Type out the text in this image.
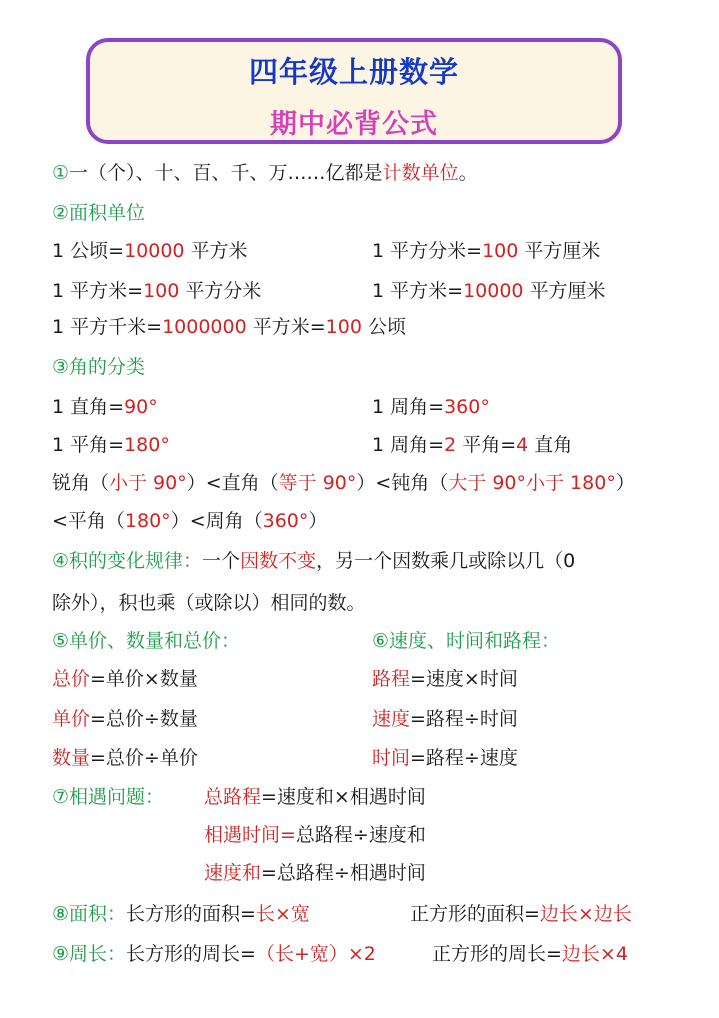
四年级上册数学
期中必背公式
①一（个）、十、百、千、万……亿都是计数单位。
②面积单位
1 公顷=10000 平方米	1 平方分米=100 平方厘米
1 平方米=100 平方分米	1 平方米=10000 平方厘米
1 平方千米=1000000 平方米=100 公顷
③角的分类
1 直角=90°	1 周角=360°
1 平角=180°	1 周角=2 平角=4 直角
锐角（小于 90°）<直角（等于 90°）<钝角（大于 90°小于 180°）
<平角（180°）<周角（360°）
④积的变化规律：一个因数不变，另一个因数乘几或除以几（0
除外），积也乘（或除以）相同的数。
⑤单价、数量和总价：	⑥速度、时间和路程：
总价=单价×数量	路程=速度×时间
单价=总价÷数量	速度=路程÷时间
数量=总价÷单价	时间=路程÷速度
⑦相遇问题： 总路程=速度和×相遇时间
相遇时间=总路程÷速度和
速度和=总路程÷相遇时间
⑧面积：长方形的面积=长×宽	正方形的面积=边长×边长
⑨周长：长方形的周长=（长+宽）×2	正方形的周长=边长×4
